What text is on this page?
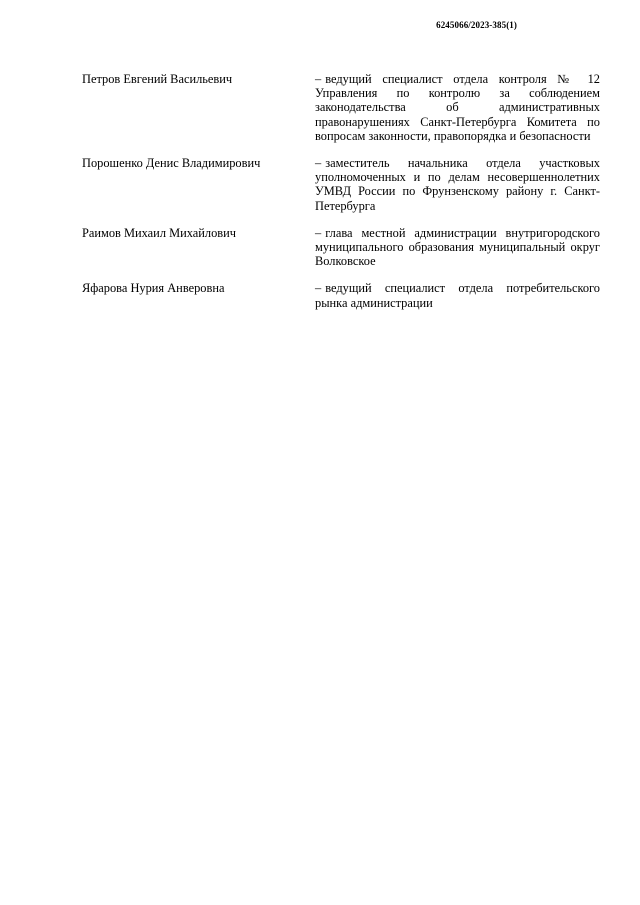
6245066/2023-385(1)
Петров Евгений Васильевич	– ведущий специалист отдела контроля № 12 Управления по контролю за соблюдением законодательства об административных правонарушениях Санкт-Петербурга Комитета по вопросам законности, правопорядка и безопасности
Порошенко Денис Владимирович	– заместитель начальника отдела участковых уполномоченных и по делам несовершеннолетних УМВД России по Фрунзенскому району г. Санкт-Петербурга
Раимов Михаил Михайлович	– глава местной администрации внутригородского муниципального образования муниципальный округ Волковское
Яфарова Нурия Анверовна	– ведущий специалист отдела потребительского рынка администрации
